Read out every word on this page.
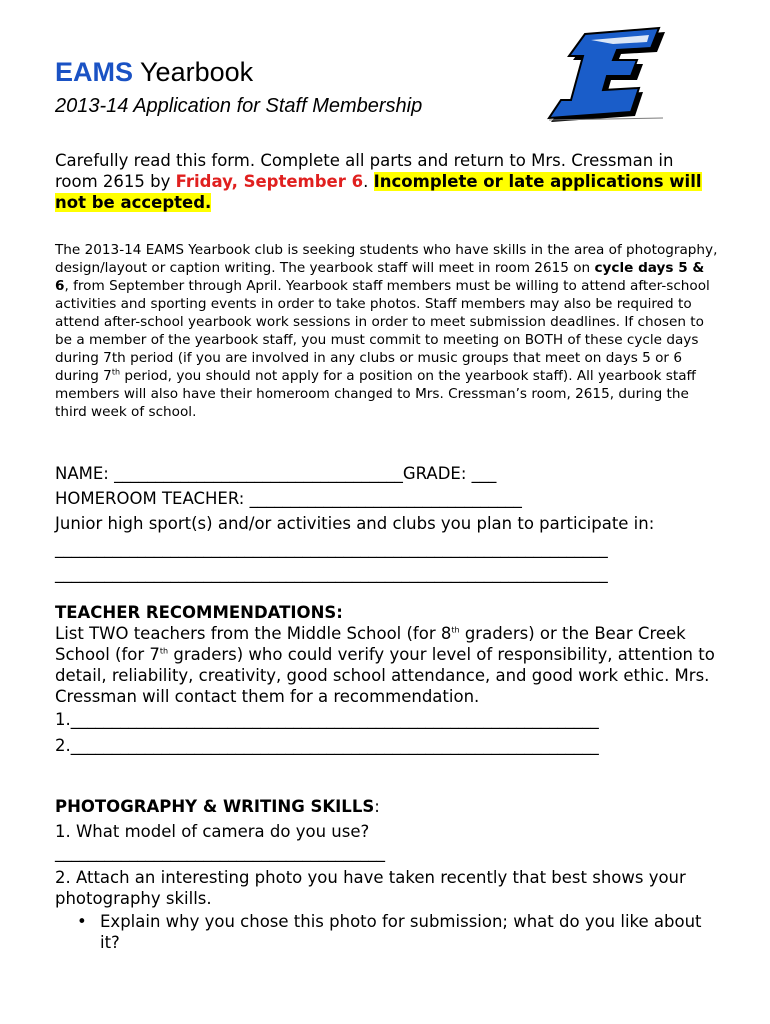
EAMS Yearbook
2013-14 Application for Staff Membership
Carefully read this form. Complete all parts and return to Mrs. Cressman in room 2615 by Friday, September 6. Incomplete or late applications will not be accepted.
The 2013-14 EAMS Yearbook club is seeking students who have skills in the area of photography, design/layout or caption writing. The yearbook staff will meet in room 2615 on cycle days 5 & 6, from September through April. Yearbook staff members must be willing to attend after-school activities and sporting events in order to take photos. Staff members may also be required to attend after-school yearbook work sessions in order to meet submission deadlines. If chosen to be a member of the yearbook staff, you must commit to meeting on BOTH of these cycle days during 7th period (if you are involved in any clubs or music groups that meet on days 5 or 6 during 7th period, you should not apply for a position on the yearbook staff). All yearbook staff members will also have their homeroom changed to Mrs. Cressman’s room, 2615, during the third week of school.
NAME: ___________________________________GRADE: ___
HOMEROOM TEACHER: _________________________________
Junior high sport(s) and/or activities and clubs you plan to participate in:
___________________________________________________________________
___________________________________________________________________
TEACHER RECOMMENDATIONS:
List TWO teachers from the Middle School (for 8th graders) or the Bear Creek School (for 7th graders) who could verify your level of responsibility, attention to detail, reliability, creativity, good school attendance, and good work ethic. Mrs. Cressman will contact them for a recommendation.
1.________________________________________________________________
2.________________________________________________________________
PHOTOGRAPHY & WRITING SKILLS:
1. What model of camera do you use?
________________________________________
2. Attach an interesting photo you have taken recently that best shows your photography skills.
• Explain why you chose this photo for submission; what do you like about it?
